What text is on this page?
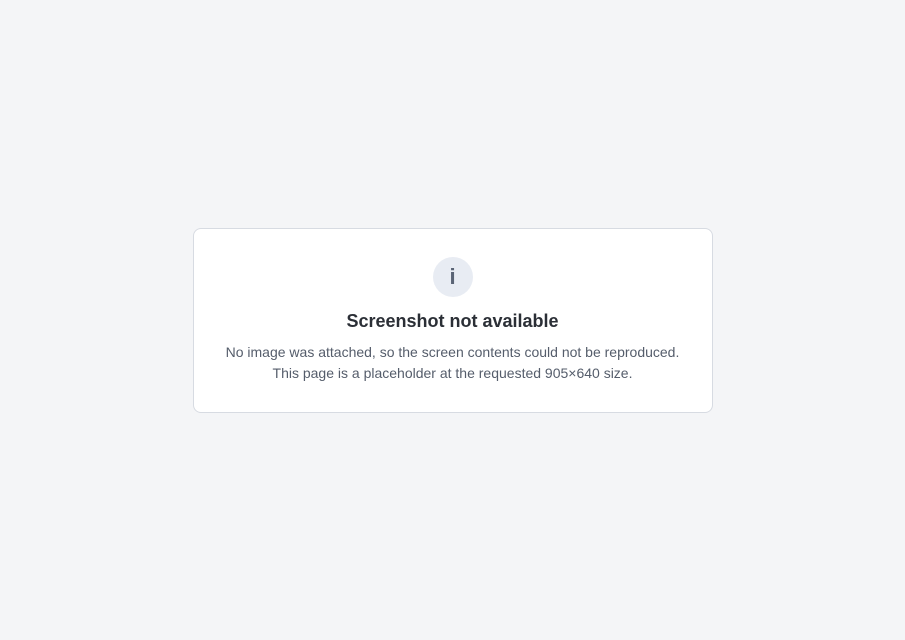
i
Screenshot not available

No image was attached, so the screen contents could not be reproduced. This page is a placeholder at the requested 905×640 size.
